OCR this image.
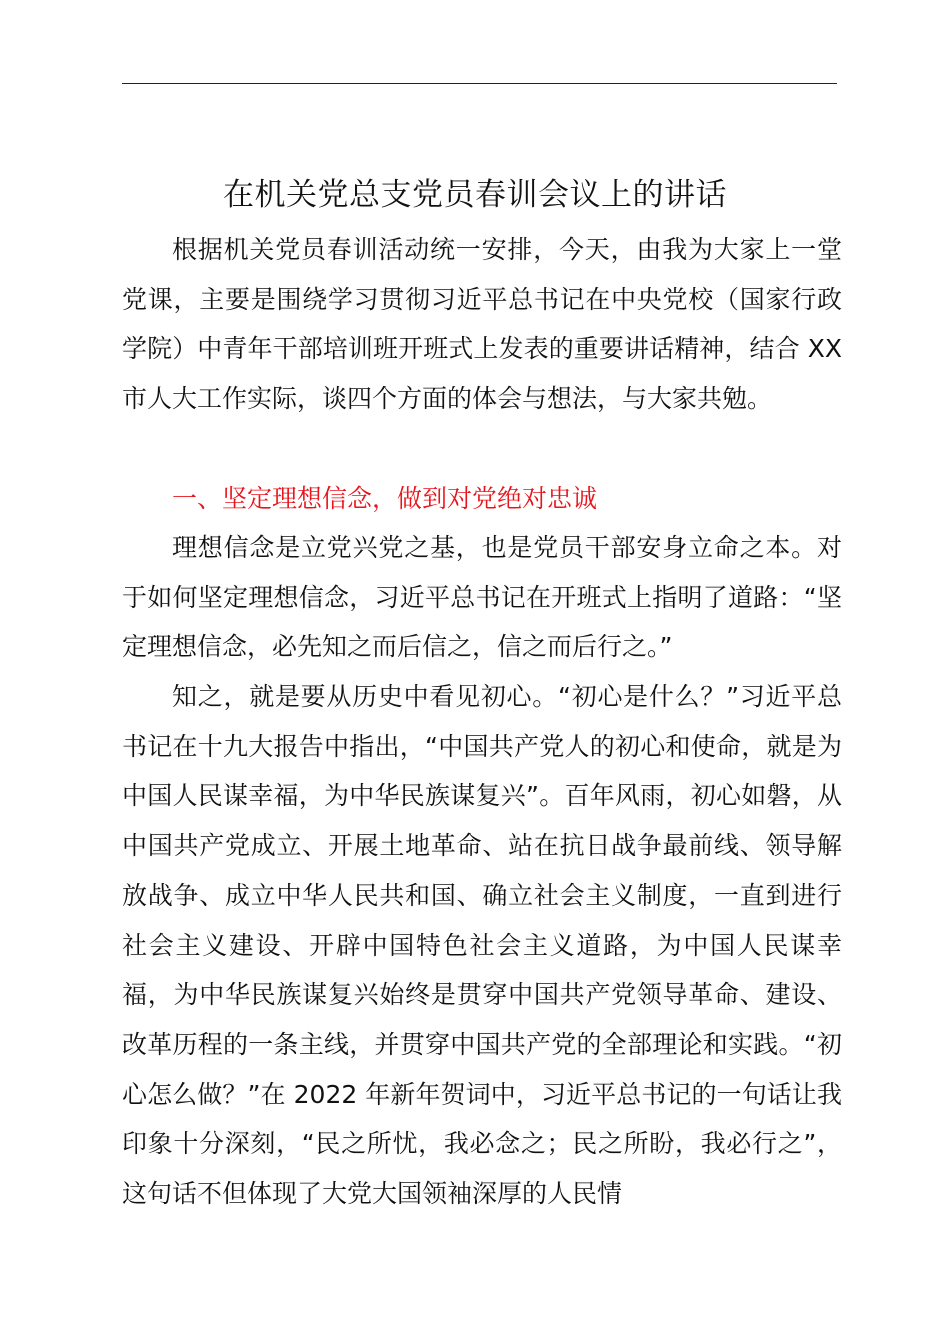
在机关党总支党员春训会议上的讲话

根据机关党员春训活动统一安排，今天，由我为大家上一堂党课，主要是围绕学习贯彻习近平总书记在中央党校（国家行政学院）中青年干部培训班开班式上发表的重要讲话精神，结合 XX 市人大工作实际，谈四个方面的体会与想法，与大家共勉。

一、坚定理想信念，做到对党绝对忠诚

理想信念是立党兴党之基，也是党员干部安身立命之本。对于如何坚定理想信念，习近平总书记在开班式上指明了道路：“坚定理想信念，必先知之而后信之，信之而后行之。”

知之，就是要从历史中看见初心。“初心是什么？”习近平总书记在十九大报告中指出，“中国共产党人的初心和使命，就是为中国人民谋幸福，为中华民族谋复兴”。百年风雨，初心如磐，从中国共产党成立、开展土地革命、站在抗日战争最前线、领导解放战争、成立中华人民共和国、确立社会主义制度，一直到进行社会主义建设、开辟中国特色社会主义道路，为中国人民谋幸福，为中华民族谋复兴始终是贯穿中国共产党领导革命、建设、改革历程的一条主线，并贯穿中国共产党的全部理论和实践。“初心怎么做？”在 2022 年新年贺词中，习近平总书记的一句话让我印象十分深刻，“民之所忧，我必念之；民之所盼，我必行之”，这句话不但体现了大党大国领袖深厚的人民情
